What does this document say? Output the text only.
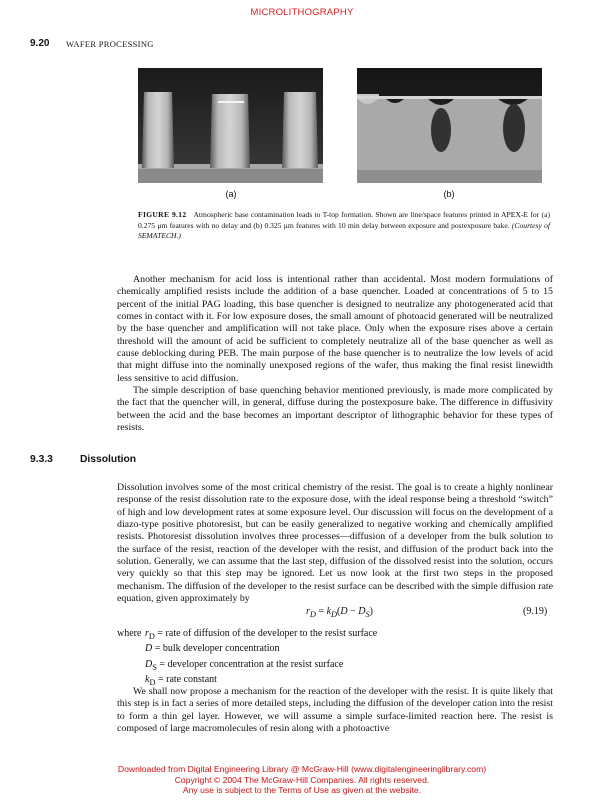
MICROLITHOGRAPHY
9.20 WAFER PROCESSING
(a)	(b)
FIGURE 9.12 Atmospheric base contamination leads to T-top formation. Shown are line/space features printed in APEX-E for (a) 0.275 μm features with no delay and (b) 0.325 μm features with 10 min delay between exposure and postexposure bake. (Courtesy of SEMATECH.)

Another mechanism for acid loss is intentional rather than accidental. Most modern formulations of chemically amplified resists include the addition of a base quencher. Loaded at concentrations of 5 to 15 percent of the initial PAG loading, this base quencher is designed to neutralize any photogenerated acid that comes in contact with it. For low exposure doses, the small amount of photoacid generated will be neutralized by the base quencher and amplification will not take place. Only when the exposure rises above a certain threshold will the amount of acid be sufficient to completely neutralize all of the base quencher as well as cause deblocking during PEB. The main purpose of the base quencher is to neutralize the low levels of acid that might diffuse into the nominally unexposed regions of the wafer, thus making the final resist linewidth less sensitive to acid diffusion.

The simple description of base quenching behavior mentioned previously, is made more complicated by the fact that the quencher will, in general, diffuse during the postexposure bake. The difference in diffusivity between the acid and the base becomes an important descriptor of lithographic behavior for these types of resists.

9.3.3	Dissolution

Dissolution involves some of the most critical chemistry of the resist. The goal is to create a highly nonlinear response of the resist dissolution rate to the exposure dose, with the ideal response being a threshold “switch” of high and low development rates at some exposure level. Our discussion will focus on the development of a diazo-type positive photoresist, but can be easily generalized to negative working and chemically amplified resists. Photoresist dissolution involves three processes—diffusion of a developer from the bulk solution to the surface of the resist, reaction of the developer with the resist, and diffusion of the product back into the solution. Generally, we can assume that the last step, diffusion of the dissolved resist into the solution, occurs very quickly so that this step may be ignored. Let us now look at the first two steps in the proposed mechanism. The diffusion of the developer to the resist surface can be described with the simple diffusion rate equation, given approximately by

$r_D = k_D(D - D_S)$	(9.19)
where $r_D$ = rate of diffusion of the developer to the resist surface
D = bulk developer concentration
$D_S$ = developer concentration at the resist surface
$k_D$ = rate constant

We shall now propose a mechanism for the reaction of the developer with the resist. It is quite likely that this step is in fact a series of more detailed steps, including the diffusion of the developer cation into the resist to form a thin gel layer. However, we will assume a simple surface-limited reaction here. The resist is composed of large macromolecules of resin along with a photoactive

Downloaded from Digital Engineering Library @ McGraw-Hill (www.digitalengineeringlibrary.com)
Copyright © 2004 The McGraw-Hill Companies. All rights reserved.
Any use is subject to the Terms of Use as given at the website.
